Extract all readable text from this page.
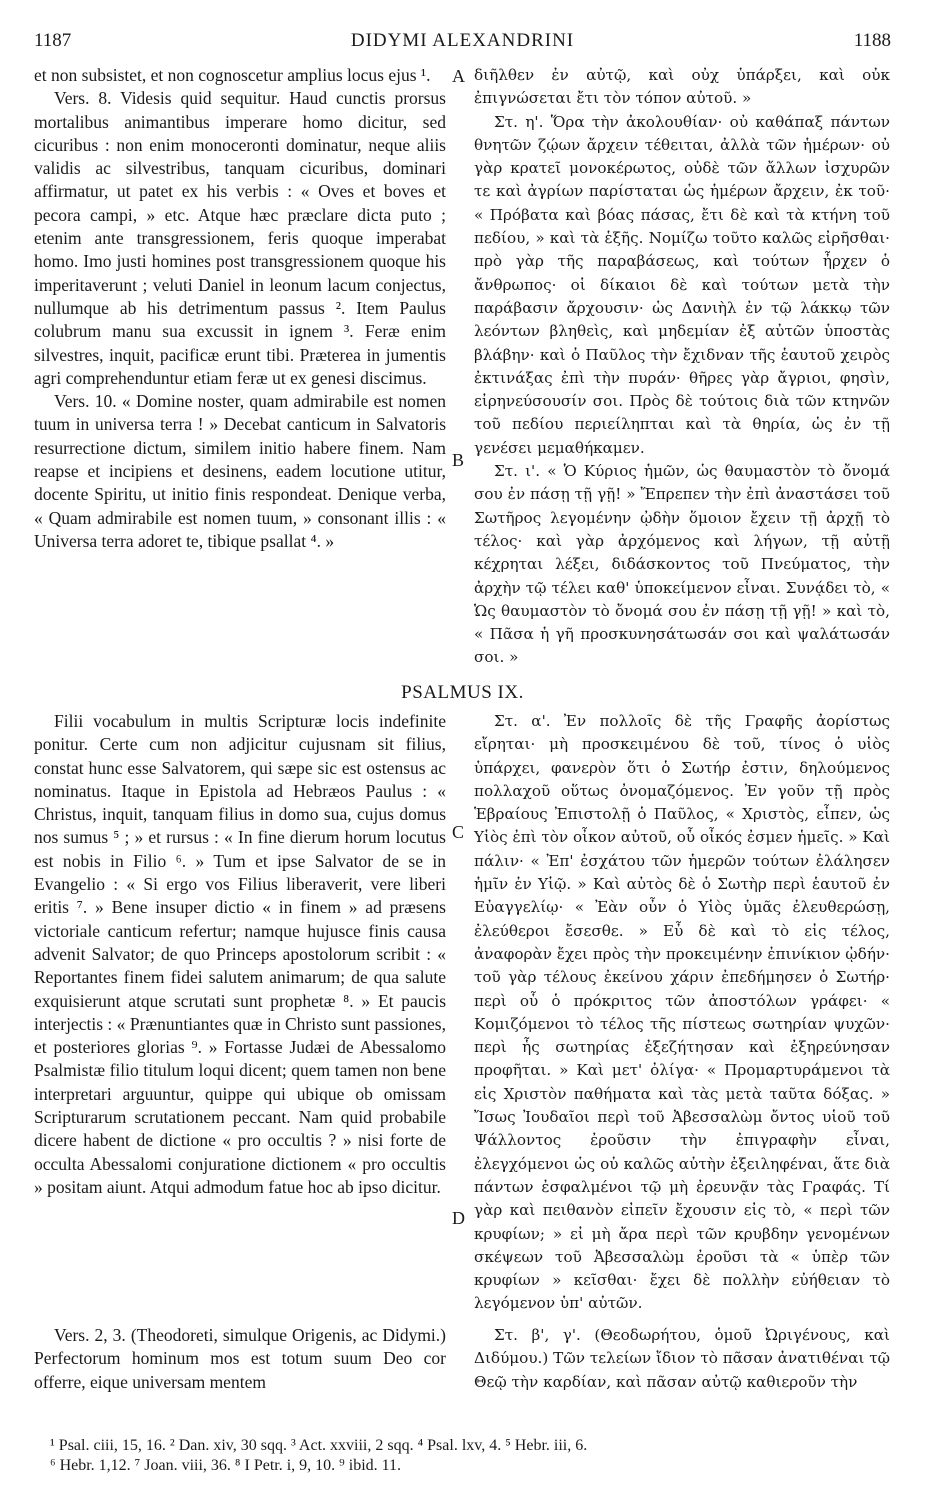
1187	DIDYMI ALEXANDRINI	1188

et non subsistet, et non cognoscetur amplius locus ejus ¹.

Vers. 8. Videsis quid sequitur. Haud cunctis prorsus mortalibus animantibus imperare homo dicitur, sed cicuribus : non enim monoceronti dominatur, neque aliis validis ac silvestribus, tanquam cicuribus, dominari affirmatur, ut patet ex his verbis : « Oves et boves et pecora campi, » etc. Atque hæc præclare dicta puto ; etenim ante transgressionem, feris quoque imperabat homo. Imo justi homines post transgressionem quoque his imperitaverunt ; veluti Daniel in leonum lacum conjectus, nullumque ab his detrimentum passus ². Item Paulus colubrum manu sua excussit in ignem ³. Feræ enim silvestres, inquit, pacificæ erunt tibi. Præterea in jumentis agri comprehenduntur etiam feræ ut ex genesi discimus.

Vers. 10. « Domine noster, quam admirabile est nomen tuum in universa terra ! » Decebat canticum in Salvatoris resurrectione dictum, similem initio habere finem. Nam reapse et incipiens et desinens, eadem locutione utitur, docente Spiritu, ut initio finis respondeat. Denique verba, « Quam admirabile est nomen tuum, » consonant illis : « Universa terra adoret te, tibique psallat ⁴. »

διῆλθεν ἐν αὐτῷ, καὶ οὐχ ὑπάρξει, καὶ οὐκ ἐπιγνώσεται ἔτι τὸν τόπον αὐτοῦ. »

Στ. η'. Ὅρα τὴν ἀκολουθίαν· οὐ καθάπαξ πάντων θνητῶν ζῴων ἄρχειν τέθειται, ἀλλὰ τῶν ἡμέρων· οὐ γὰρ κρατεῖ μονοκέρωτος, οὐδὲ τῶν ἄλλων ἰσχυρῶν τε καὶ ἀγρίων παρίσταται ὡς ἡμέρων ἄρχειν, ἐκ τοῦ· « Πρόβατα καὶ βόας πάσας, ἔτι δὲ καὶ τὰ κτήνη τοῦ πεδίου, » καὶ τὰ ἑξῆς. Νομίζω τοῦτο καλῶς εἰρῆσθαι· πρὸ γὰρ τῆς παραβάσεως, καὶ τούτων ἦρχεν ὁ ἄνθρωπος· οἱ δίκαιοι δὲ καὶ τούτων μετὰ τὴν παράβασιν ἄρχουσιν· ὡς Δανιὴλ ἐν τῷ λάκκῳ τῶν λεόντων βληθεὶς, καὶ μηδεμίαν ἐξ αὐτῶν ὑποστὰς βλάβην· καὶ ὁ Παῦλος τὴν ἔχιδναν τῆς ἑαυτοῦ χειρὸς ἐκτινάξας ἐπὶ τὴν πυράν· θῆρες γὰρ ἄγριοι, φησὶν, εἰρηνεύσουσίν σοι. Πρὸς δὲ τούτοις διὰ τῶν κτηνῶν τοῦ πεδίου περιείληπται καὶ τὰ θηρία, ὡς ἐν τῇ γενέσει μεμαθήκαμεν.

Στ. ι'. « Ὁ Κύριος ἡμῶν, ὡς θαυμαστὸν τὸ ὄνομά σου ἐν πάσῃ τῇ γῇ! » Ἔπρεπεν τὴν ἐπὶ ἀναστάσει τοῦ Σωτῆρος λεγομένην ᾠδὴν ὅμοιον ἔχειν τῇ ἀρχῇ τὸ τέλος· καὶ γὰρ ἀρχόμενος καὶ λήγων, τῇ αὐτῇ κέχρηται λέξει, διδάσκοντος τοῦ Πνεύματος, τὴν ἀρχὴν τῷ τέλει καθ' ὑποκείμενον εἶναι. Συνᾴδει τὸ, « Ὡς θαυμαστὸν τὸ ὄνομά σου ἐν πάσῃ τῇ γῇ! » καὶ τὸ, « Πᾶσα ἡ γῆ προσκυνησάτωσάν σοι καὶ ψαλάτωσάν σοι. »

PSALMUS IX.

Filii vocabulum in multis Scripturæ locis indefinite ponitur. Certe cum non adjicitur cujusnam sit filius, constat hunc esse Salvatorem, qui sæpe sic est ostensus ac nominatus. Itaque in Epistola ad Hebræos Paulus : « Christus, inquit, tanquam filius in domo sua, cujus domus nos sumus ⁵ ; » et rursus : « In fine dierum horum locutus est nobis in Filio ⁶. » Tum et ipse Salvator de se in Evangelio : « Si ergo vos Filius liberaverit, vere liberi eritis ⁷. » Bene insuper dictio « in finem » ad præsens victoriale canticum refertur; namque hujusce finis causa advenit Salvator; de quo Princeps apostolorum scribit : « Reportantes finem fidei salutem animarum; de qua salute exquisierunt atque scrutati sunt prophetæ ⁸. » Et paucis interjectis : « Prænuntiantes quæ in Christo sunt passiones, et posteriores glorias ⁹. » Fortasse Judæi de Abessalomo Psalmistæ filio titulum loqui dicent; quem tamen non bene interpretari arguuntur, quippe qui ubique ob omissam Scripturarum scrutationem peccant. Nam quid probabile dicere habent de dictione « pro occultis ? » nisi forte de occulta Abessalomi conjuratione dictionem « pro occultis » positam aiunt. Atqui admodum fatue hoc ab ipso dicitur.

Στ. α'. Ἐν πολλοῖς δὲ τῆς Γραφῆς ἀορίστως εἴρηται· μὴ προσκειμένου δὲ τοῦ, τίνος ὁ υἱὸς ὑπάρχει, φανερὸν ὅτι ὁ Σωτήρ ἐστιν, δηλούμενος πολλαχοῦ οὕτως ὀνομαζόμενος. Ἐν γοῦν τῇ πρὸς Ἑβραίους Ἐπιστολῇ ὁ Παῦλος, « Χριστὸς, εἶπεν, ὡς Υἱὸς ἐπὶ τὸν οἶκον αὐτοῦ, οὗ οἶκός ἐσμεν ἡμεῖς. » Καὶ πάλιν· « Ἐπ' ἐσχάτου τῶν ἡμερῶν τούτων ἐλάλησεν ἡμῖν ἐν Υἱῷ. » Καὶ αὐτὸς δὲ ὁ Σωτὴρ περὶ ἑαυτοῦ ἐν Εὐαγγελίῳ· « Ἐὰν οὖν ὁ Υἱὸς ὑμᾶς ἐλευθερώσῃ, ἐλεύθεροι ἔσεσθε. » Εὖ δὲ καὶ τὸ εἰς τέλος, ἀναφορὰν ἔχει πρὸς τὴν προκειμένην ἐπινίκιον ᾠδήν· τοῦ γὰρ τέλους ἐκείνου χάριν ἐπεδήμησεν ὁ Σωτήρ· περὶ οὗ ὁ πρόκριτος τῶν ἀποστόλων γράφει· « Κομιζόμενοι τὸ τέλος τῆς πίστεως σωτηρίαν ψυχῶν· περὶ ἧς σωτηρίας ἐξεζήτησαν καὶ ἐξηρεύνησαν προφῆται. » Καὶ μετ' ὀλίγα· « Προμαρτυράμενοι τὰ εἰς Χριστὸν παθήματα καὶ τὰς μετὰ ταῦτα δόξας. » Ἴσως Ἰουδαῖοι περὶ τοῦ Ἀβεσσαλὼμ ὄντος υἱοῦ τοῦ Ψάλλοντος ἐροῦσιν τὴν ἐπιγραφὴν εἶναι, ἐλεγχόμενοι ὡς οὐ καλῶς αὐτὴν ἐξειληφέναι, ἅτε διὰ πάντων ἐσφαλμένοι τῷ μὴ ἐρευνᾷν τὰς Γραφάς. Τί γὰρ καὶ πειθανὸν εἰπεῖν ἔχουσιν εἰς τὸ, « περὶ τῶν κρυφίων; » εἰ μὴ ἄρα περὶ τῶν κρυβδην γενομένων σκέψεων τοῦ Ἀβεσσαλὼμ ἐροῦσι τὰ « ὑπὲρ τῶν κρυφίων » κεῖσθαι· ἔχει δὲ πολλὴν εὐήθειαν τὸ λεγόμενον ὑπ' αὐτῶν.

Vers. 2, 3. (Theodoreti, simulque Origenis, ac Didymi.) Perfectorum hominum mos est totum suum Deo cor offerre, eique universam mentem

Στ. β', γ'. (Θεοδωρήτου, ὁμοῦ Ὠριγένους, καὶ Διδύμου.) Τῶν τελείων ἴδιον τὸ πᾶσαν ἀνατιθέναι τῷ Θεῷ τὴν καρδίαν, καὶ πᾶσαν αὐτῷ καθιεροῦν τὴν

A
B
C
D

¹ Psal. ciii, 15, 16. ² Dan. xiv, 30 sqq. ³ Act. xxviii, 2 sqq. ⁴ Psal. lxv, 4. ⁵ Hebr. iii, 6.

⁶ Hebr. 1,12. ⁷ Joan. viii, 36. ⁸ I Petr. i, 9, 10. ⁹ ibid. 11.
